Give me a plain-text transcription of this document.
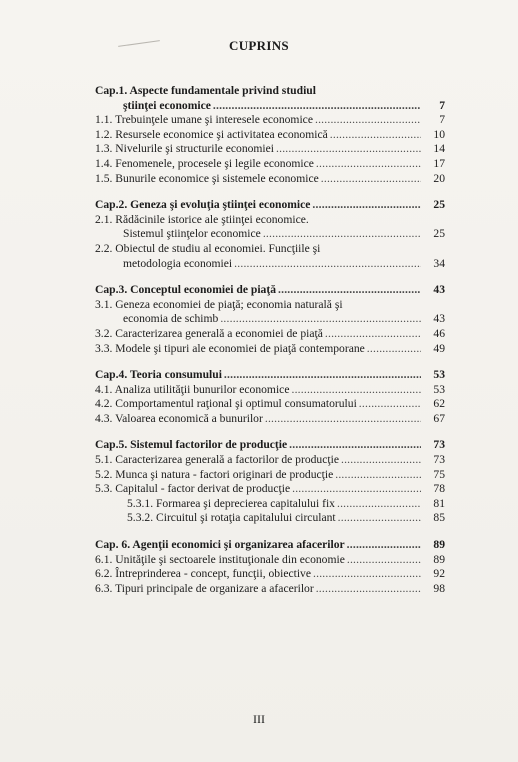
CUPRINS
Cap.1. Aspecte fundamentale privind studiul
ştiinţei economice .....	7
1.1. Trebuinţele umane şi interesele economice .....	7
1.2. Resursele economice şi activitatea economică .....	10
1.3. Nivelurile şi structurile economiei .....	14
1.4. Fenomenele, procesele şi legile economice .....	17
1.5. Bunurile economice şi sistemele economice .....	20
Cap.2. Geneza şi evoluţia ştiinţei economice .....	25
2.1. Rădăcinile istorice ale ştiinţei economice.
Sistemul ştiinţelor economice .....	25
2.2. Obiectul de studiu al economiei. Funcţiile şi
metodologia economiei .....	34
Cap.3. Conceptul economiei de piaţă .....	43
3.1. Geneza economiei de piaţă; economia naturală şi
economia de schimb .....	43
3.2. Caracterizarea generală a economiei de piaţă .....	46
3.3. Modele şi tipuri ale economiei de piaţă contemporane .....	49
Cap.4. Teoria consumului .....	53
4.1. Analiza utilităţii bunurilor economice .....	53
4.2. Comportamentul raţional şi optimul consumatorului .....	62
4.3. Valoarea economică a bunurilor .....	67
Cap.5. Sistemul factorilor de producţie .....	73
5.1. Caracterizarea generală a factorilor de producţie .....	73
5.2. Munca şi natura - factori originari de producţie .....	75
5.3. Capitalul - factor derivat de producţie .....	78
5.3.1. Formarea şi deprecierea capitalului fix .....	81
5.3.2. Circuitul şi rotaţia capitalului circulant .....	85
Cap. 6. Agenţii economici şi organizarea afacerilor .....	89
6.1. Unităţile şi sectoarele instituţionale din economie .....	89
6.2. Întreprinderea - concept, funcţii, obiective .....	92
6.3. Tipuri principale de organizare a afacerilor .....	98
III
